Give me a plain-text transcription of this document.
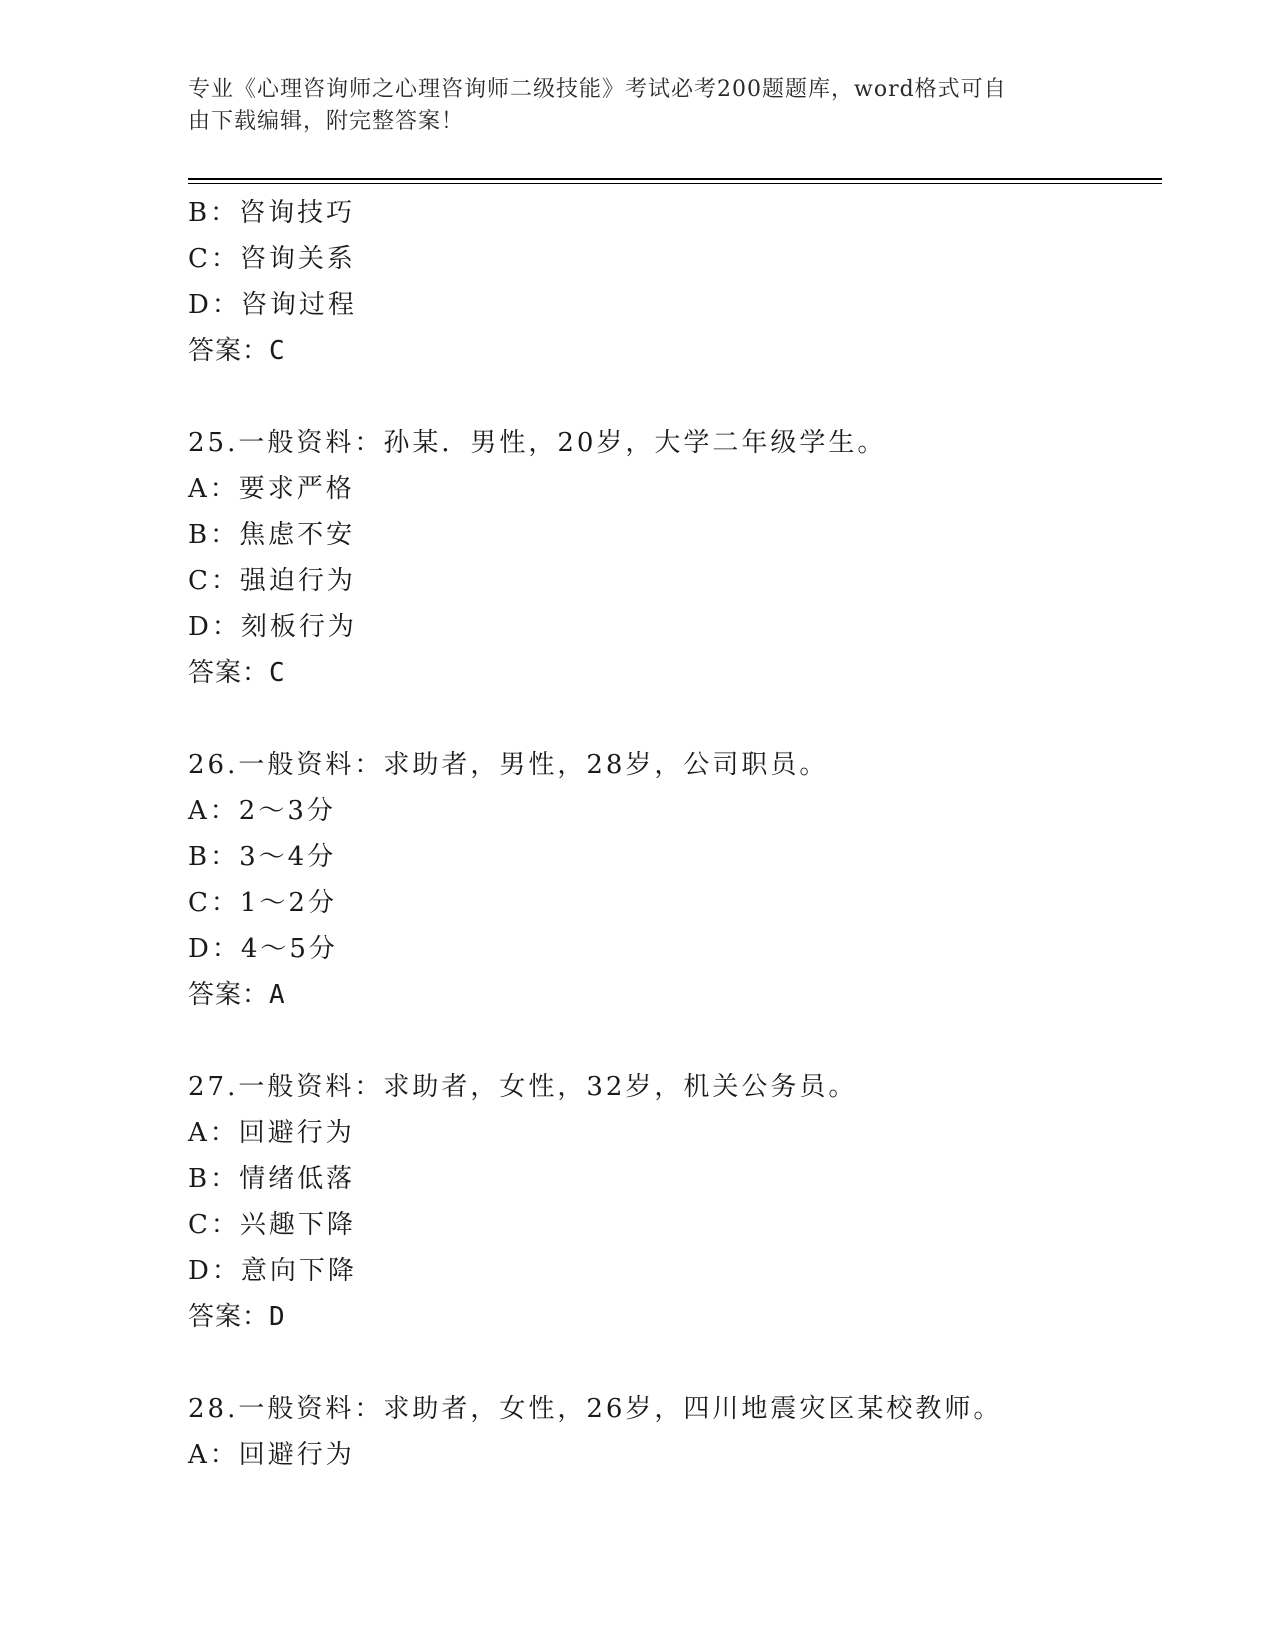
专业《心理咨询师之心理咨询师二级技能》考试必考200题题库，word格式可自
由下载编辑，附完整答案！
B：咨询技巧
C：咨询关系
D：咨询过程
答案：C
25.一般资料：孙某．男性，20岁，大学二年级学生。
A：要求严格
B：焦虑不安
C：强迫行为
D：刻板行为
答案：C
26.一般资料：求助者，男性，28岁，公司职员。
A：2～3分
B：3～4分
C：1～2分
D：4～5分
答案：A
27.一般资料：求助者，女性，32岁，机关公务员。
A：回避行为
B：情绪低落
C：兴趣下降
D：意向下降
答案：D
28.一般资料：求助者，女性，26岁，四川地震灾区某校教师。
A：回避行为
